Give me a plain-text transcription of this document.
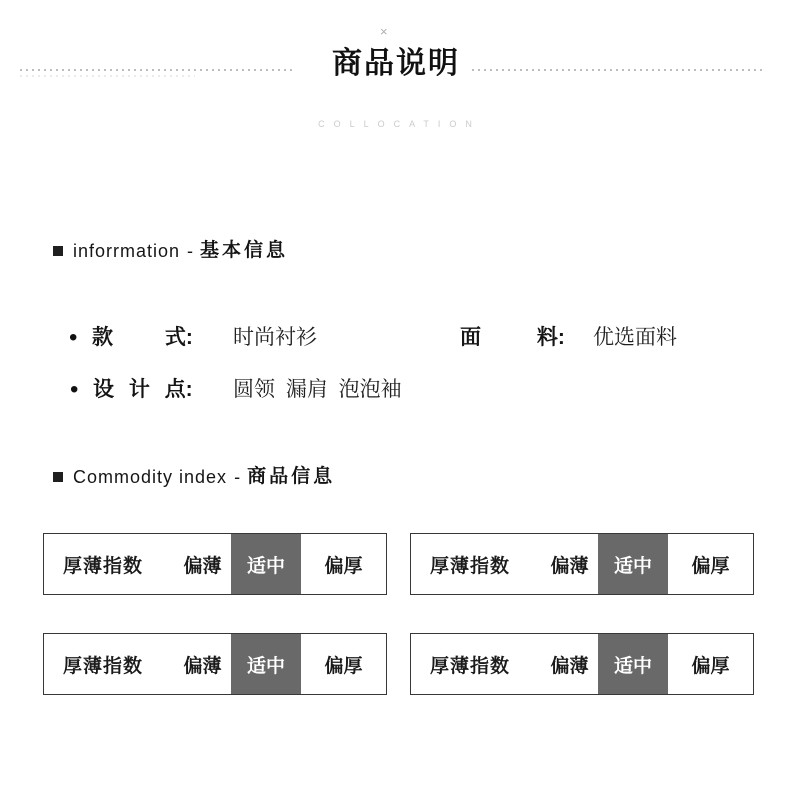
×
商品说明
COLLOCATION
inforrmation - 基本信息
• 款 式: 时尚衬衫	面 料: 优选面料
• 设 计 点: 圆领 漏肩 泡泡袖
Commodity index - 商品信息
厚薄指数	偏薄	适中	偏厚	厚薄指数	偏薄	适中	偏厚
厚薄指数	偏薄	适中	偏厚	厚薄指数	偏薄	适中	偏厚
